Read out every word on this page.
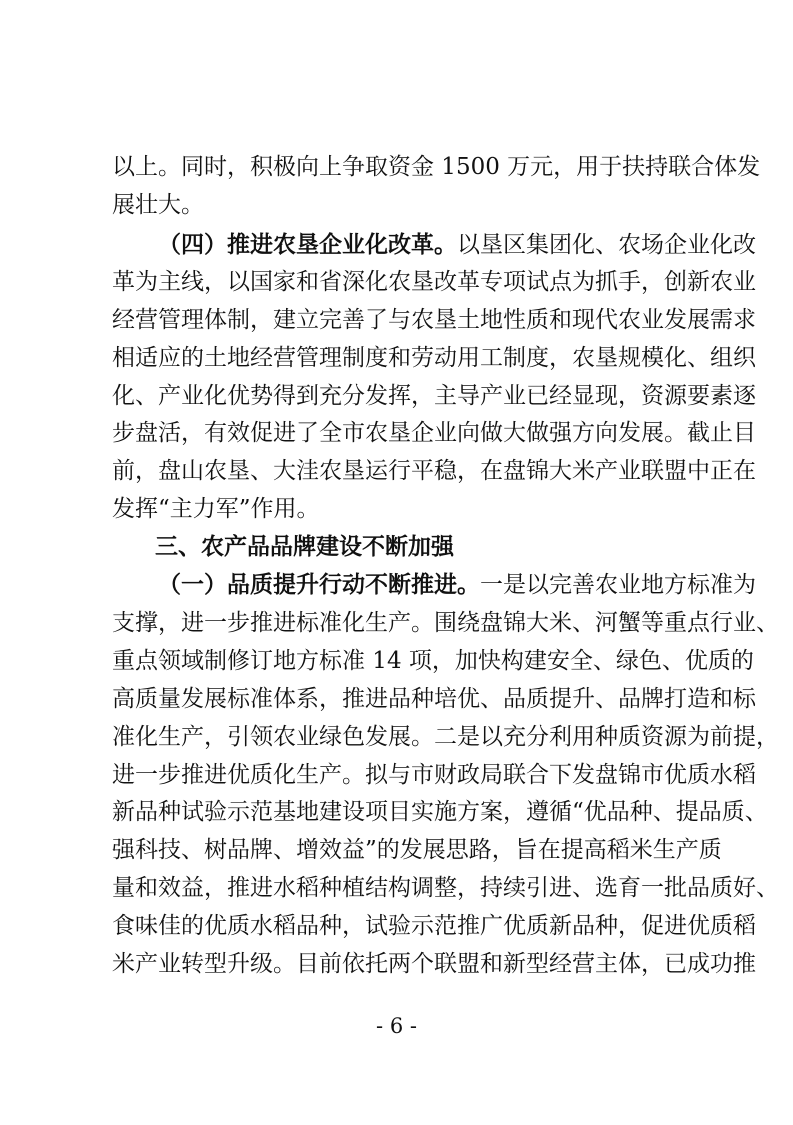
以上。同时，积极向上争取资金 1500 万元，用于扶持联合体发
展壮大。
（四）推进农垦企业化改革。以垦区集团化、农场企业化改
革为主线，以国家和省深化农垦改革专项试点为抓手，创新农业
经营管理体制，建立完善了与农垦土地性质和现代农业发展需求
相适应的土地经营管理制度和劳动用工制度，农垦规模化、组织
化、产业化优势得到充分发挥，主导产业已经显现，资源要素逐
步盘活，有效促进了全市农垦企业向做大做强方向发展。截止目
前，盘山农垦、大洼农垦运行平稳，在盘锦大米产业联盟中正在
发挥“主力军”作用。
三、农产品品牌建设不断加强
（一）品质提升行动不断推进。一是以完善农业地方标准为
支撑，进一步推进标准化生产。围绕盘锦大米、河蟹等重点行业、
重点领域制修订地方标准 14 项，加快构建安全、绿色、优质的
高质量发展标准体系，推进品种培优、品质提升、品牌打造和标
准化生产，引领农业绿色发展。二是以充分利用种质资源为前提，
进一步推进优质化生产。拟与市财政局联合下发盘锦市优质水稻
新品种试验示范基地建设项目实施方案，遵循“优品种、提品质、
强科技、树品牌、增效益”的发展思路，旨在提高稻米生产质
量和效益，推进水稻种植结构调整，持续引进、选育一批品质好、
食味佳的优质水稻品种，试验示范推广优质新品种，促进优质稻
米产业转型升级。目前依托两个联盟和新型经营主体，已成功推
- 6 -
